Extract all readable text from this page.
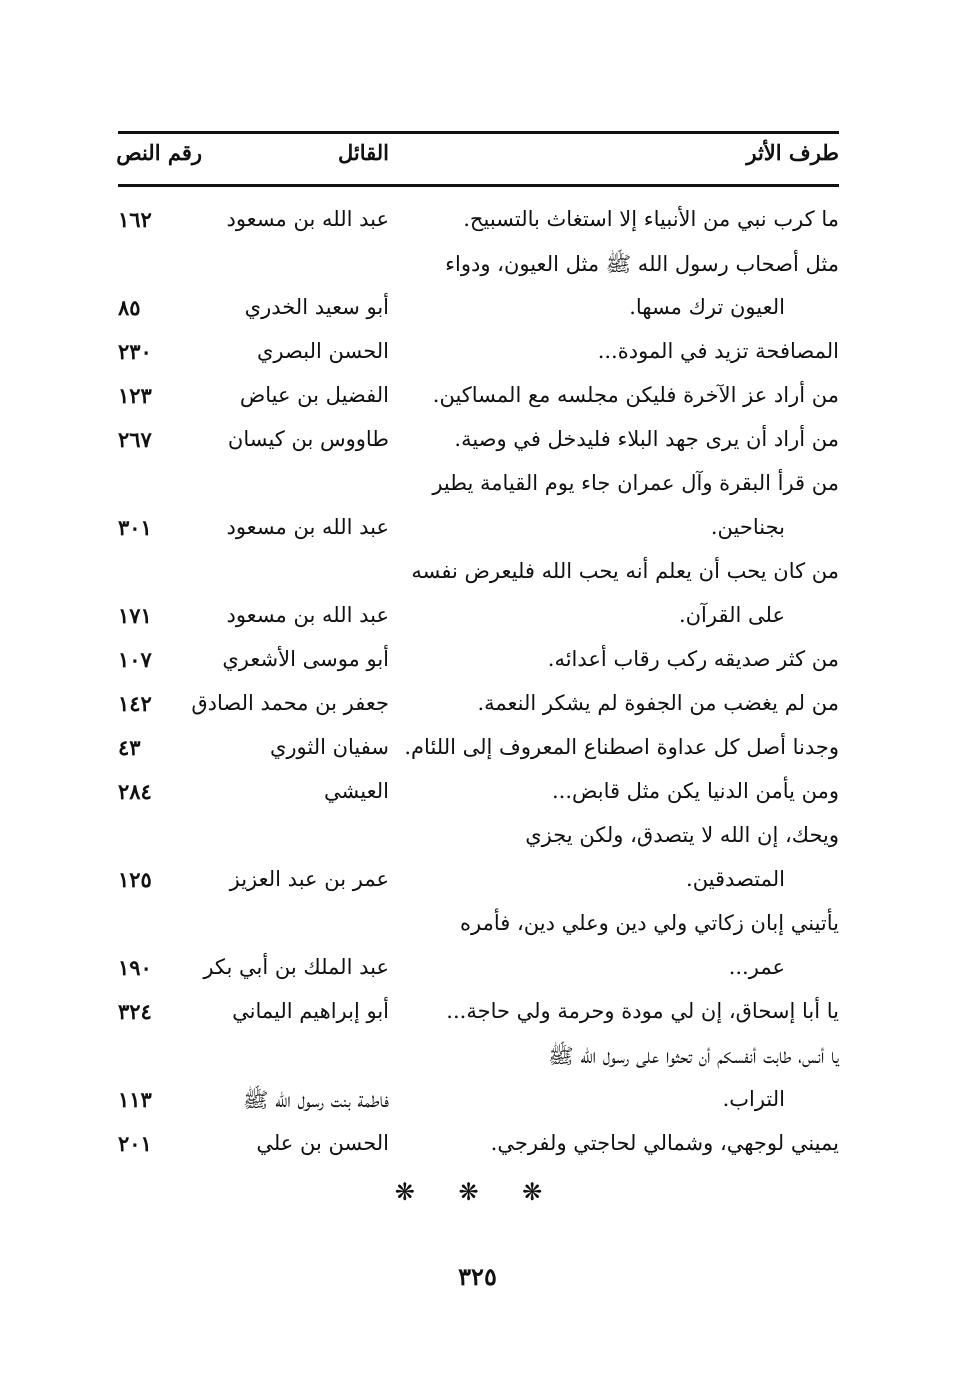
طرف الأثر
القائل
رقم النص
ما كرب نبي من الأنبياء إلا استغاث بالتسبيح.
عبد الله بن مسعود
١٦٢
مثل أصحاب رسول الله ﷺ مثل العيون، ودواء
العيون ترك مسها.
أبو سعيد الخدري
٨٥
المصافحة تزيد في المودة...
الحسن البصري
٢٣٠
من أراد عز الآخرة فليكن مجلسه مع المساكين.
الفضيل بن عياض
١٢٣
من أراد أن يرى جهد البلاء فليدخل في وصية.
طاووس بن كيسان
٢٦٧
من قرأ البقرة وآل عمران جاء يوم القيامة يطير
بجناحين.
عبد الله بن مسعود
٣٠١
من كان يحب أن يعلم أنه يحب الله فليعرض نفسه
على القرآن.
عبد الله بن مسعود
١٧١
من كثر صديقه ركب رقاب أعدائه.
أبو موسى الأشعري
١٠٧
من لم يغضب من الجفوة لم يشكر النعمة.
جعفر بن محمد الصادق
١٤٢
وجدنا أصل كل عداوة اصطناع المعروف إلى اللئام.
سفيان الثوري
٤٣
ومن يأمن الدنيا يكن مثل قابض...
العيشي
٢٨٤
ويحك، إن الله لا يتصدق، ولكن يجزي
المتصدقين.
عمر بن عبد العزيز
١٢٥
يأتيني إبان زكاتي ولي دين وعلي دين، فأمره
عمر...
عبد الملك بن أبي بكر
١٩٠
يا أبا إسحاق، إن لي مودة وحرمة ولي حاجة...
أبو إبراهيم اليماني
٣٢٤
يا أنس، طابت أنفسكم أن تحثوا على رسول الله ﷺ
التراب.
فاطمة بنت رسول الله ﷺ
١١٣
يميني لوجهي، وشمالي لحاجتي ولفرجي.
الحسن بن علي
٢٠١
❋ ❋ ❋
٣٢٥
